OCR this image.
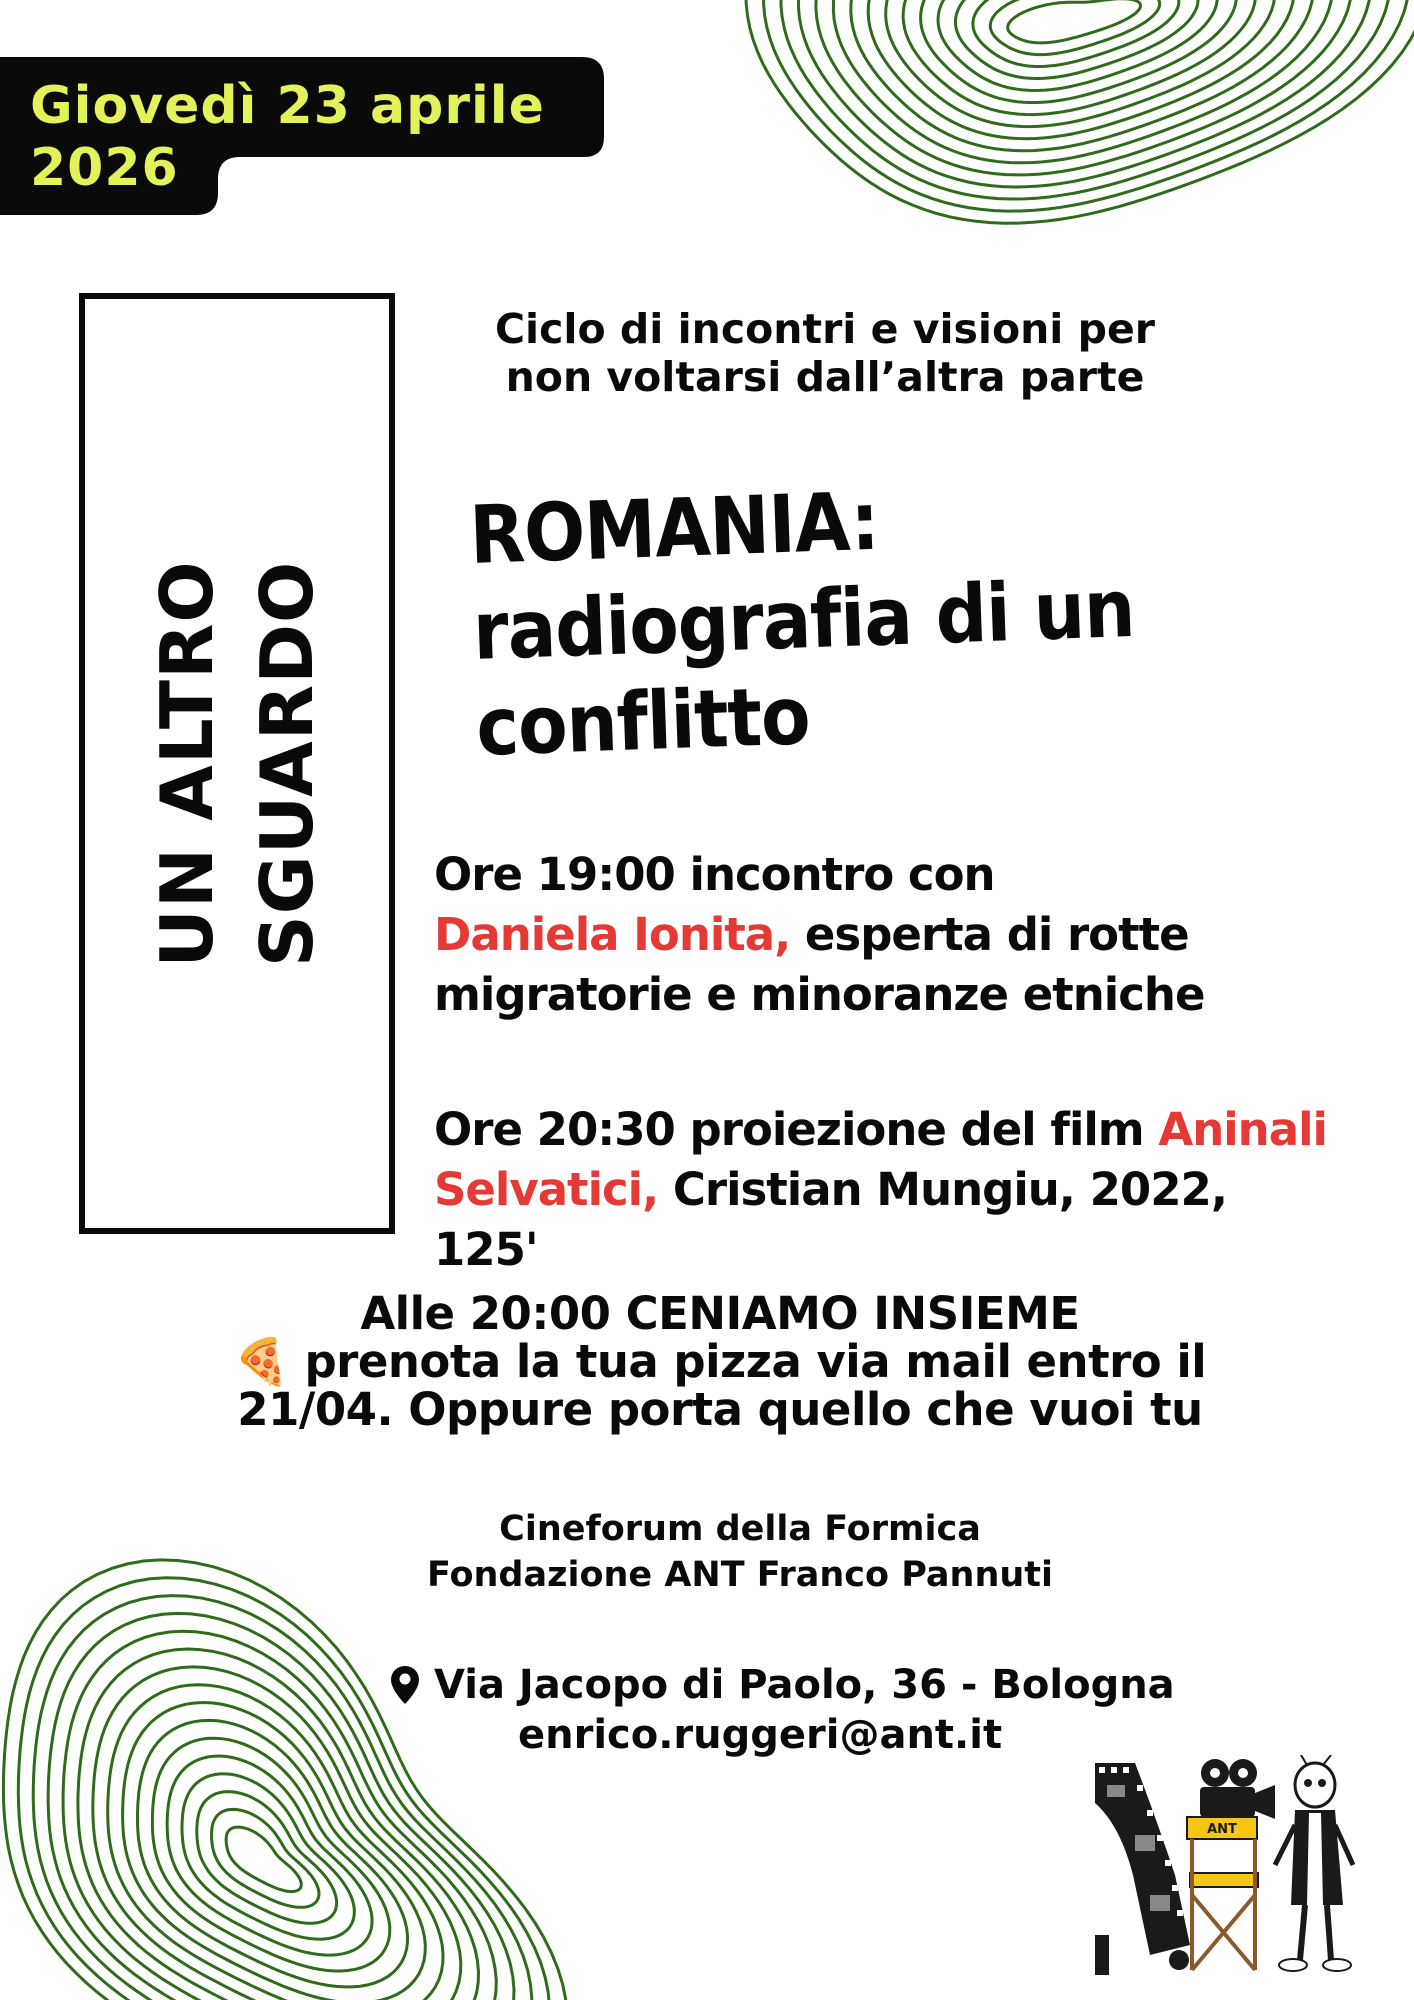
Giovedì 23 aprile
2026

UN ALTRO SGUARDO
Ciclo di incontri e visioni per
non voltarsi dall’altra parte
ROMANIA:
radiografia di un
conflitto
Ore 19:00 incontro con
Daniela Ionita, esperta di rotte
migratorie e minoranze etniche
Ore 20:30 proiezione del film Aninali
Selvatici, Cristian Mungiu, 2022, 125'
Alle 20:00 CENIAMO INSIEME
🍕 prenota la tua pizza via mail entro il
21/04. Oppure porta quello che vuoi tu
Cineforum della Formica
Fondazione ANT Franco Pannuti
Via Jacopo di Paolo, 36 - Bologna
enrico.ruggeri@ant.it
ANT
